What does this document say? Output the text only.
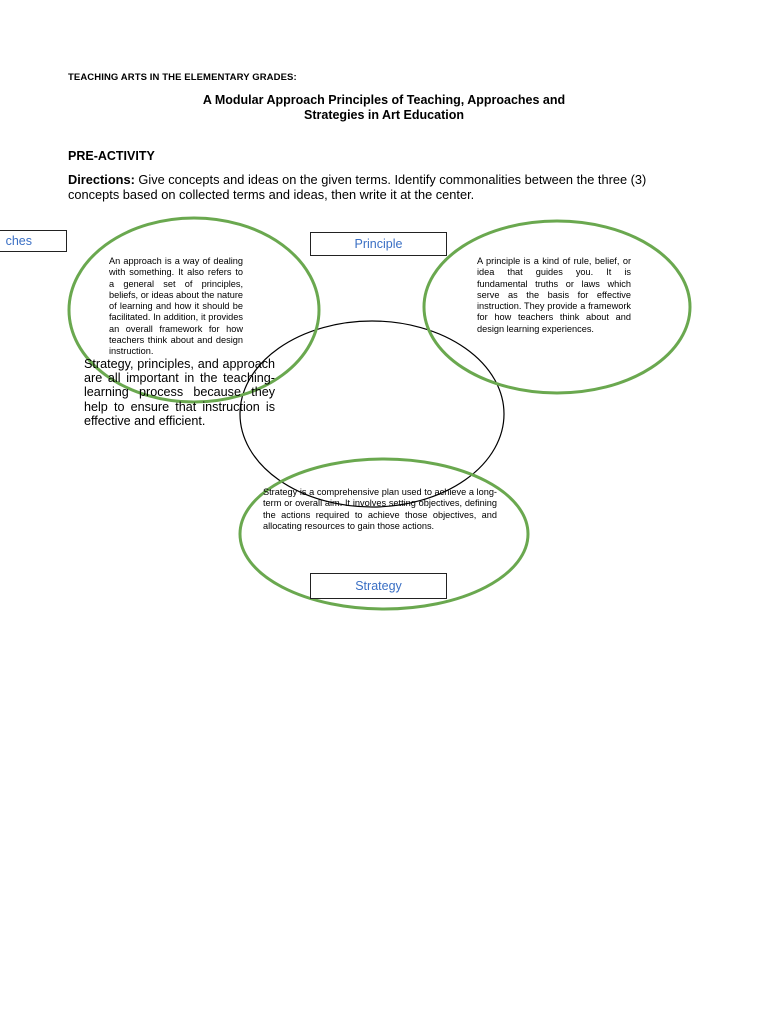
TEACHING ARTS IN THE ELEMENTARY GRADES:
A Modular Approach Principles of Teaching, Approaches and
Strategies in Art Education
PRE-ACTIVITY
Directions: Give concepts and ideas on the given terms. Identify commonalities between the three (3) concepts based on collected terms and ideas, then write it at the center.
ches	Principle
Strategy
An approach is a way of dealing with something. It also refers to a general set of principles, beliefs, or ideas about the nature of learning and how it should be facilitated. In addition, it provides an overall framework for how teachers think about and design instruction.
A principle is a kind of rule, belief, or idea that guides you. It is fundamental truths or laws which serve as the basis for effective instruction. They provide a framework for how teachers think about and design learning experiences.
Strategy is a comprehensive plan used to achieve a long-term or overall aim. It involves setting objectives, defining the actions required to achieve those objectives, and allocating resources to gain those actions.
Strategy, principles, and approach are all important in the teaching-learning process because they help to ensure that instruction is effective and efficient.
